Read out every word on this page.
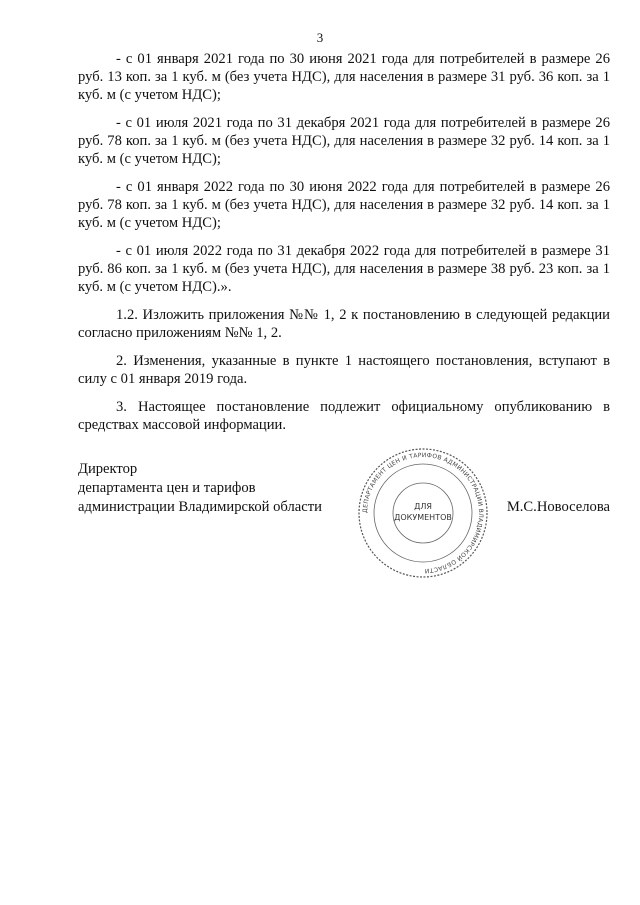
3

- с 01 января 2021 года по 30 июня 2021 года для потребителей в размере 26 руб. 13 коп. за 1 куб. м (без учета НДС), для населения в размере 31 руб. 36 коп. за 1 куб. м (с учетом НДС);

- с 01 июля 2021 года по 31 декабря 2021 года для потребителей в размере 26 руб. 78 коп. за 1 куб. м (без учета НДС), для населения в размере 32 руб. 14 коп. за 1 куб. м (с учетом НДС);

- с 01 января 2022 года по 30 июня 2022 года для потребителей в размере 26 руб. 78 коп. за 1 куб. м (без учета НДС), для населения в размере 32 руб. 14 коп. за 1 куб. м (с учетом НДС);

- с 01 июля 2022 года по 31 декабря 2022 года для потребителей в размере 31 руб. 86 коп. за 1 куб. м (без учета НДС), для населения в размере 38 руб. 23 коп. за 1 куб. м (с учетом НДС).».

1.2. Изложить приложения №№ 1, 2 к постановлению в следующей редакции согласно приложениям №№ 1, 2.

2. Изменения, указанные в пункте 1 настоящего постановления, вступают в силу с 01 января 2019 года.

3. Настоящее постановление подлежит официальному опубликованию в средствах массовой информации.

Директор
департамента цен и тарифов
администрации Владимирской области	М.С.Новоселова
ДЕПАРТАМЕНТ ЦЕН И ТАРИФОВ АДМИНИСТРАЦИИ ВЛАДИМИРСКОЙ ОБЛАСТИ
ДЛЯ
ДОКУМЕНТОВ
